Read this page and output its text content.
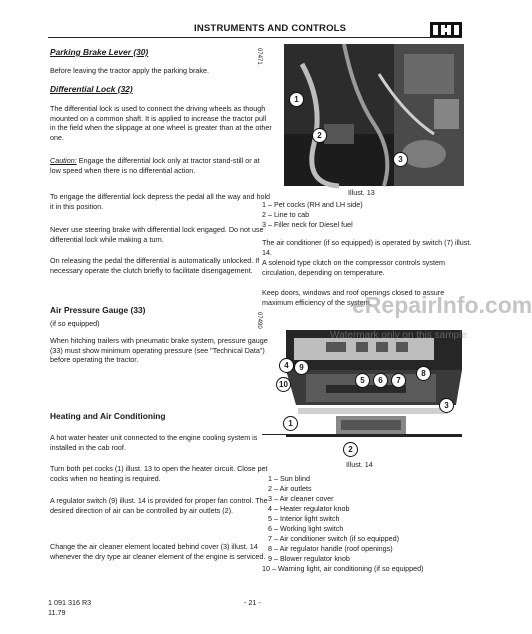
INSTRUMENTS AND CONTROLS
Parking Brake Lever (30)
Before leaving the tractor apply the parking brake.
Differential Lock (32)
The differential lock is used to connect the driving wheels as though mounted on a common shaft. It is applied to increase the tractor pull in the field when the slippage at one wheel is greater than at the other one.
Caution: Engage the differential lock only at tractor stand-still or at low speed when there is no differential action.
To engage the differential lock depress the pedal all the way and hold it in this position.
Never use steering brake with differential lock engaged. Do not use differential lock while making a turn.
On releasing the pedal the differential is automatically unlocked. If necessary operate the clutch briefly to facilitate disengagement.
Air Pressure Gauge (33)
(if so equipped)
When hitching trailers with pneumatic brake system, pressure gauge (33) must show minimum operating pressure (see "Technical Data") before operating the tractor.
Heating and Air Conditioning
A hot water heater unit connected to the engine cooling system is installed in the cab roof.
Turn both pet cocks (1) illust. 13 to open the heater circuit. Close pet cocks when no heating is required.
A regulator switch (9) illust. 14 is provided for proper fan control. The desired direction of air can be controlled by air outlets (2).
Change the air cleaner element located behind cover (3) illust. 14 whenever the dry type air cleaner element of the engine is serviced.
07471
1
2
3
Illust. 13
1 – Pet cocks (RH and LH side)
2 – Line to cab
3 – Filler neck for Diesel fuel
The air conditioner (if so equipped) is operated by switch (7) illust. 14.
A solenoid type clutch on the compressor controls system circulation, depending on temperature.
Keep doors, windows and roof openings closed to assure maximum efficiency of the system.
07490
4	9
10	5	6	7
8
3
1
2
Illust. 14
1 – Sun blind
2 – Air outlets
3 – Air cleaner cover
4 – Heater regulator knob
5 – Interior light switch
6 – Working light switch
7 – Air conditioner switch (if so equipped)
8 – Air regulator handle (roof openings)
9 – Blower regulator knob
10 – Warning light, air conditioning (if so equipped)
eRepairInfo.com
Watermark only on this sample
1 091 316 R3
11.79
- 21 -
